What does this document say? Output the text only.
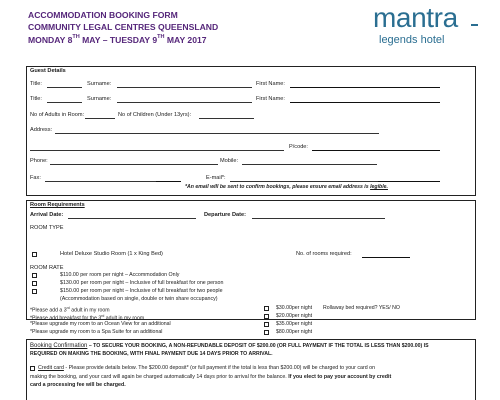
ACCOMMODATION BOOKING FORM
COMMUNITY LEGAL CENTRES QUEENSLAND
MONDAY 8TH MAY – TUESDAY 9TH MAY 2017
mantra
legends hotel
Guest Details
Title:	Surname:	First Name:
Title:	Surname:	First Name:
No of Adults in Room:	No of Children (Under 13yrs):
Address:
P/code:
Phone:	Mobile:
Fax:	E-mail*:
*An email will be sent to confirm bookings, please ensure email address is legible.
Room Requirements
Arrival Date:	Departure Date:
ROOM TYPE
Hotel Deluxe Studio Room (1 x King Bed)	No. of rooms required:
ROOM RATE
$110.00 per room per night – Accommodation Only
$130.00 per room per night – Inclusive of full breakfast for one person
$150.00 per room per night – Inclusive of full breakfast for two people
(Accommodation based on single, double or twin share occupancy)
*Please add a 3rd adult in my room	$30.00per night Rollaway bed required? YES/ NO
*Please add breakfast for the 3rd adult in my room	$20.00per night
*Please upgrade my room to an Ocean View for an additional	$35.00per night
*Please upgrade my room to a Spa Suite for an additional	$80.00per night
Booking Confirmation – TO SECURE YOUR BOOKING, A NON-REFUNDABLE DEPOSIT OF $200.00 (OR FULL PAYMENT IF THE TOTAL IS LESS THAN $200.00) IS
REQUIRED ON MAKING THE BOOKING, WITH FINAL PAYMENT DUE 14 DAYS PRIOR TO ARRIVAL.
Credit card - Please provide details below. The $200.00 deposit* (or full payment if the total is less than $200.00) will be charged to your card on
making the booking, and your card will again be charged automatically 14 days prior to arrival for the balance. If you elect to pay your account by credit
card a processing fee will be charged.
